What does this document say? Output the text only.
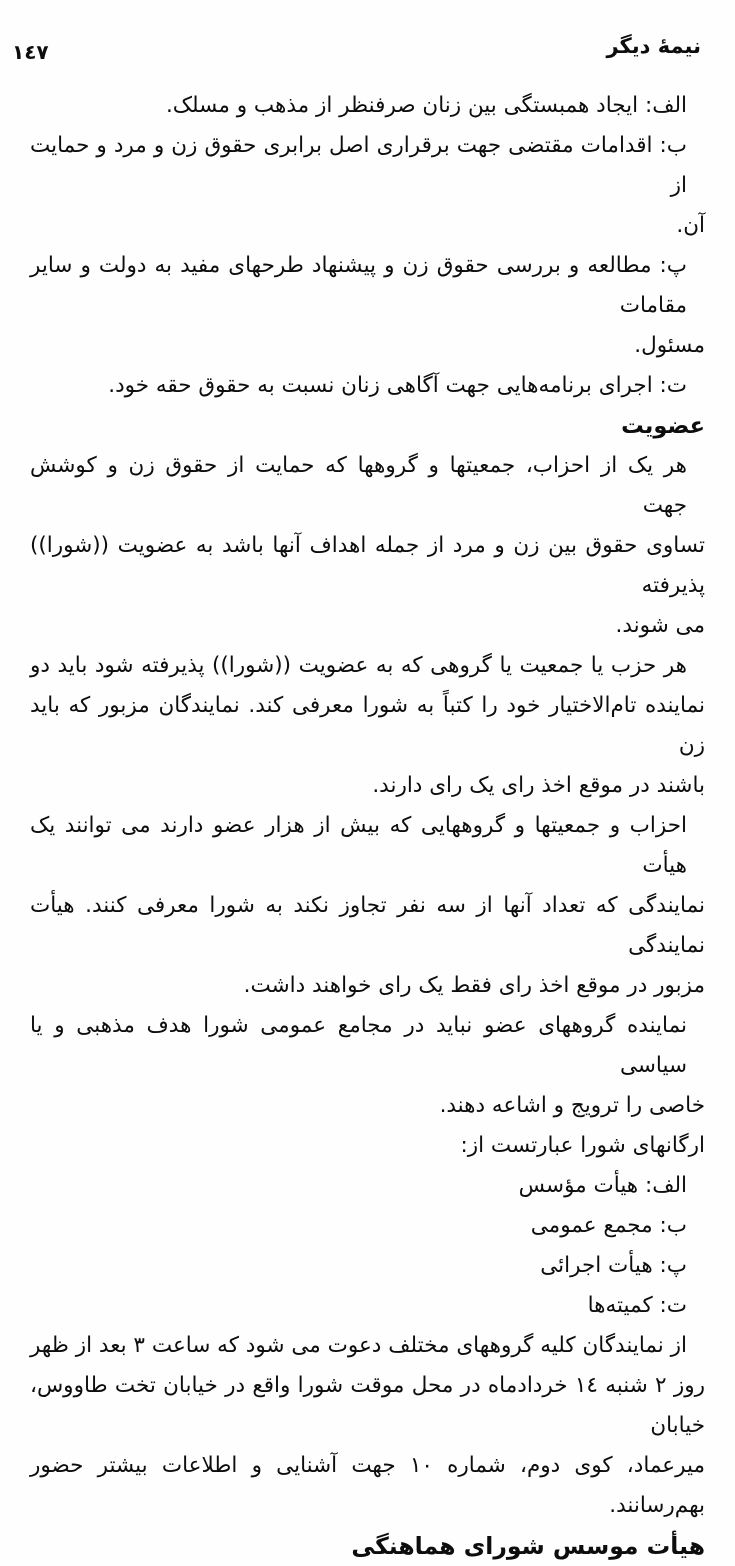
نیمهٔ دیگر
١٤٧
الف: ایجاد همبستگی بین زنان صرفنظر از مذهب و مسلک.
ب: اقدامات مقتضی جهت برقراری اصل برابری حقوق زن و مرد و حمایت از
آن.
پ: مطالعه و بررسی حقوق زن و پیشنهاد طرحهای مفید به دولت و سایر مقامات
مسئول.
ت: اجرای برنامه‌هایی جهت آگاهی زنان نسبت به حقوق حقه خود.
عضویت
هر یک از احزاب، جمعیتها و گروهها که حمایت از حقوق زن و کوشش جهت
تساوی حقوق بین زن و مرد از جمله اهداف آنها باشد به عضویت ((شورا)) پذیرفته
می شوند.
هر حزب یا جمعیت یا گروهی که به عضویت ((شورا)) پذیرفته شود باید دو
نماینده تام‌الاختیار خود را کتباً به شورا معرفی کند. نمایندگان مزبور که باید زن
باشند در موقع اخذ رای یک رای دارند.
احزاب و جمعیتها و گروههایی که بیش از هزار عضو دارند می توانند یک هیأت
نمایندگی که تعداد آنها از سه نفر تجاوز نکند به شورا معرفی کنند. هیأت نمایندگی
مزبور در موقع اخذ رای فقط یک رای خواهند داشت.
نماینده گروههای عضو نباید در مجامع عمومی شورا هدف مذهبی و یا سیاسی
خاصی را ترویج و اشاعه دهند.
ارگانهای شورا عبارتست از:
الف: هیأت مؤسس
ب: مجمع عمومی
پ: هیأت اجرائی
ت: کمیته‌ها
از نمایندگان کلیه گروههای مختلف دعوت می شود که ساعت ٣ بعد از ظهر
روز ٢ شنبه ١٤ خردادماه در محل موقت شورا واقع در خیابان تخت طاووس، خیابان
میرعماد، کوی دوم، شماره ١٠ جهت آشنایی و اطلاعات بیشتر حضور بهم‌رسانند.
هیأت موسس شورای هماهنگی
